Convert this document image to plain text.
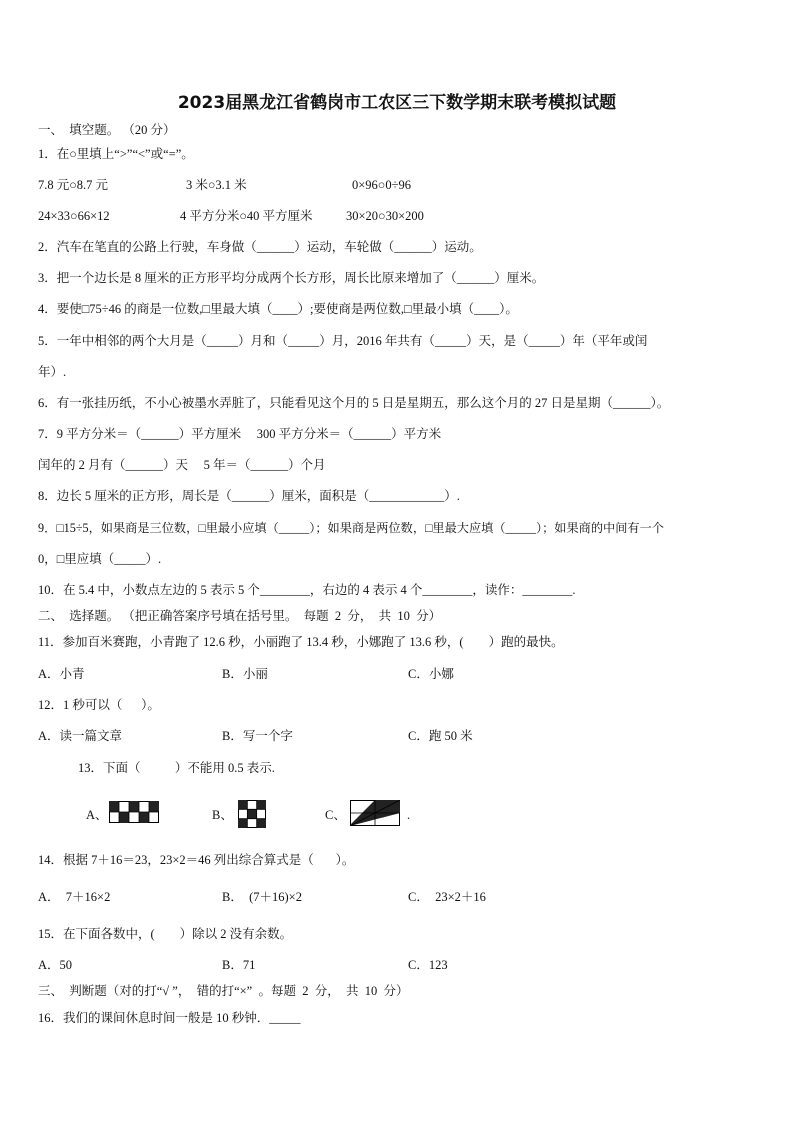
2023届黑龙江省鹤岗市工农区三下数学期末联考模拟试题
一、  填空题。 （20 分）
1．在○里填上“>”“<”或“=”。
7.8 元○8.7 元	3 米○3.1 米	0×96○0÷96
24×33○66×12	4 平方分米○40 平方厘米	30×20○30×200
2．汽车在笔直的公路上行驶，车身做（______）运动，车轮做（______）运动。
3．把一个边长是 8 厘米的正方形平均分成两个长方形，周长比原来增加了（______）厘米。
4．要使□75÷46 的商是一位数,□里最大填（____）;要使商是两位数,□里最小填（____）。
5．一年中相邻的两个大月是（_____）月和（_____）月，2016 年共有（_____）天，是（_____）年（平年或闰
年）.
6．有一张挂历纸，不小心被墨水弄脏了，只能看见这个月的 5 日是星期五，那么这个月的 27 日是星期（______）。
7．9 平方分米＝（______）平方厘米     300 平方分米＝（______）平方米
闰年的 2 月有（______）天     5 年＝（______）个月
8．边长 5 厘米的正方形，周长是（______）厘米，面积是（____________）.
9．□15÷5，如果商是三位数，□里最小应填（_____）；如果商是两位数，□里最大应填（_____）；如果商的中间有一个
0，□里应填（_____）.
10．在 5.4 中，小数点左边的 5 表示 5 个________，右边的 4 表示 4 个________，读作：________.
二、  选择题。 （把正确答案序号填在括号里。  每题  2  分，  共  10  分）
11．参加百米赛跑，小青跑了 12.6 秒，小丽跑了 13.4 秒，小娜跑了 13.6 秒，(        ）跑的最快。
A．小青	B．小丽	C．小娜
12．1 秒可以（      ）。
A．读一篇文章	B．写一个字	C．跑 50 米
13．下面（           ）不能用 0.5 表示.
A、	B、	C、	.
14．根据 7＋16＝23，23×2＝46 列出综合算式是（       ）。
A．  7＋16×2	B．  (7＋16)×2	C．  23×2＋16
15．在下面各数中，(        ）除以 2 没有余数。
A．50	B．71	C．123
三、  判断题（对的打“√ ”，  错的打“×”  。每题  2  分，  共  10  分）
16．我们的课间休息时间一般是 10 秒钟．_____
